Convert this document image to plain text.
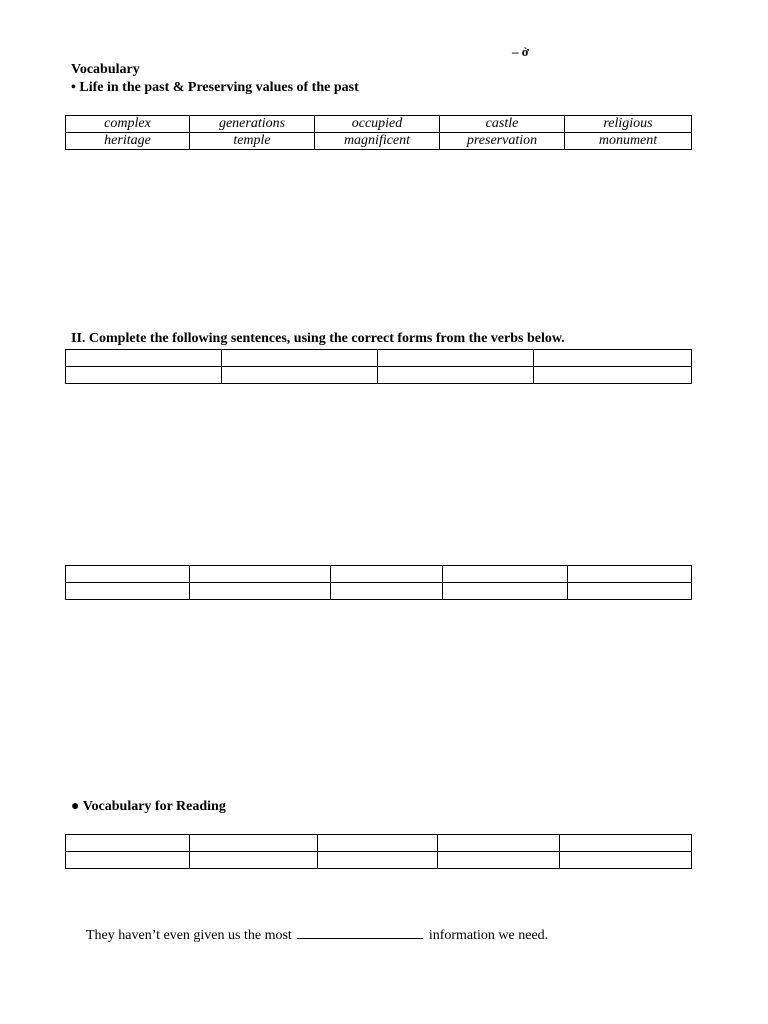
– ở
Vocabulary
• Life in the past & Preserving values of the past
complex	generations	occupied	castle	religious
heritage	temple	magnificent	preservation	monument
II. Complete the following sentences, using the correct forms from the verbs below.

● Vocabulary for Reading

They haven’t even given us the most	information we need.
